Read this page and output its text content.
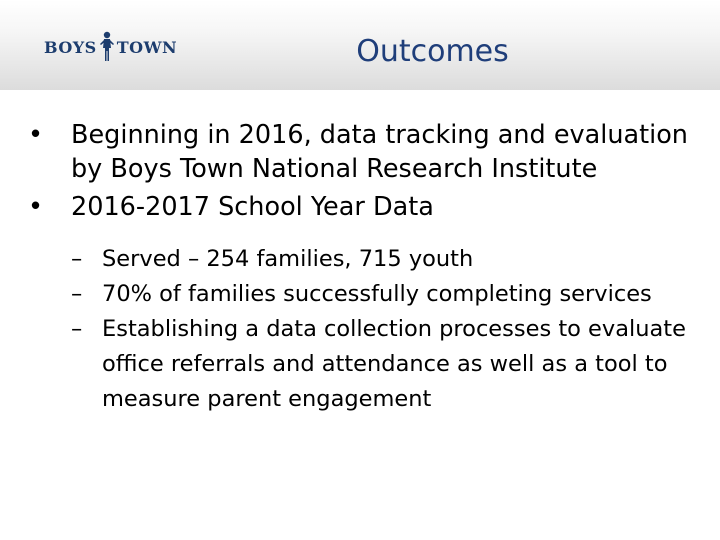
BOYS TOWN	Outcomes
• Beginning in 2016, data tracking and evaluation by Boys Town National Research Institute
• 2016-2017 School Year Data
– Served – 254 families, 715 youth
– 70% of families successfully completing services
– Establishing a data collection processes to evaluate office referrals and attendance as well as a tool to measure parent engagement
